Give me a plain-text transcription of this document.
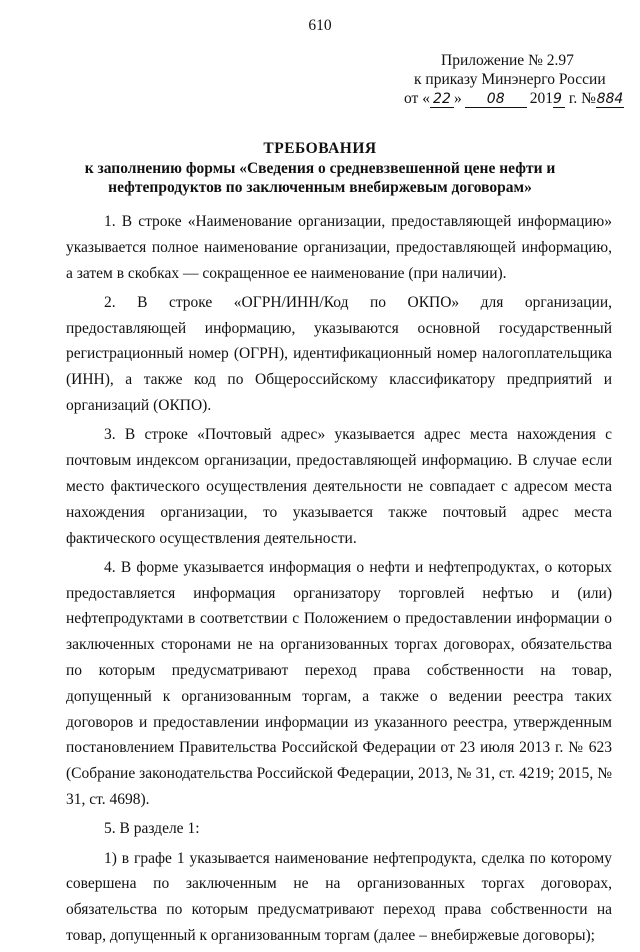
610
Приложение № 2.97
к приказу Минэнерго России
от « 22 » 08 2019 г. №884
ТРЕБОВАНИЯ
к заполнению формы «Сведения о средневзвешенной цене нефти и
нефтепродуктов по заключенным внебиржевым договорам»

1. В строке «Наименование организации, предоставляющей информацию» указывается полное наименование организации, предоставляющей информацию, а затем в скобках — сокращенное ее наименование (при наличии).

2. В строке «ОГРН/ИНН/Код по ОКПО» для организации, предоставляющей информацию, указываются основной государственный регистрационный номер (ОГРН), идентификационный номер налогоплательщика (ИНН), а также код по Общероссийскому классификатору предприятий и организаций (ОКПО).

3. В строке «Почтовый адрес» указывается адрес места нахождения с почтовым индексом организации, предоставляющей информацию. В случае если место фактического осуществления деятельности не совпадает с адресом места нахождения организации, то указывается также почтовый адрес места фактического осуществления деятельности.

4. В форме указывается информация о нефти и нефтепродуктах, о которых предоставляется информация организатору торговлей нефтью и (или) нефтепродуктами в соответствии с Положением о предоставлении информации о заключенных сторонами не на организованных торгах договорах, обязательства по которым предусматривают переход права собственности на товар, допущенный к организованным торгам, а также о ведении реестра таких договоров и предоставлении информации из указанного реестра, утвержденным постановлением Правительства Российской Федерации от 23 июля 2013 г. № 623 (Собрание законодательства Российской Федерации, 2013, № 31, ст. 4219; 2015, № 31, ст. 4698).

5. В разделе 1:

1) в графе 1 указывается наименование нефтепродукта, сделка по которому совершена по заключенным не на организованных торгах договорах, обязательства по которым предусматривают переход права собственности на товар, допущенный к организованным торгам (далее – внебиржевые договоры);
